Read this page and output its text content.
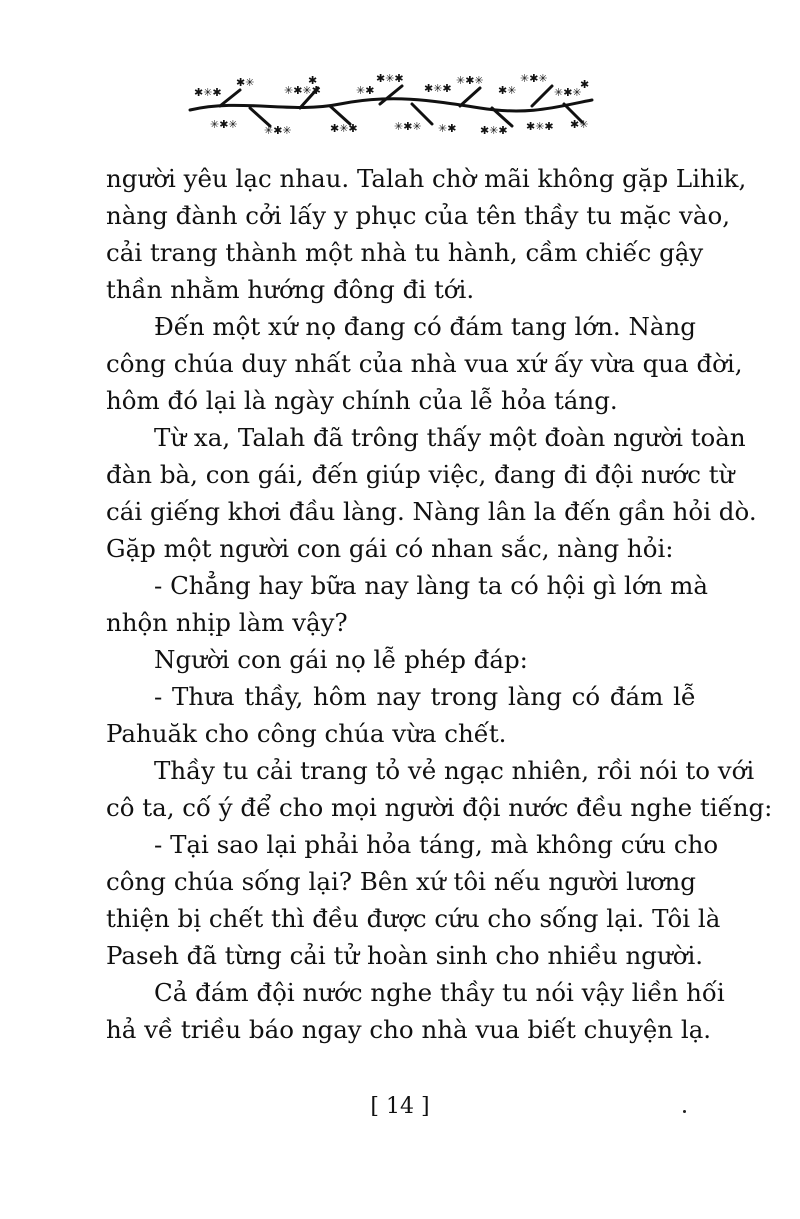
✱✳✱
✳✱✳
✱✳
✳✱✳
✳✱✳✱
✱
✱✳✱
✳✱
✱✳✱
✳✱✳
✱✳✱
✳✱
✳✱✳
✱✳✱
✱✳
✳✱✳
✱✳✱
✳✱✳
✱✳
✱
người yêu lạc nhau. Talah chờ mãi không gặp Lihik,
nàng đành cởi lấy y phục của tên thầy tu mặc vào,
cải trang thành một nhà tu hành, cầm chiếc gậy
thần nhằm hướng đông đi tới.
Đến một xứ nọ đang có đám tang lớn. Nàng
công chúa duy nhất của nhà vua xứ ấy vừa qua đời,
hôm đó lại là ngày chính của lễ hỏa táng.
Từ xa, Talah đã trông thấy một đoàn người toàn
đàn bà, con gái, đến giúp việc, đang đi đội nước từ
cái giếng khơi đầu làng. Nàng lân la đến gần hỏi dò.
Gặp một người con gái có nhan sắc, nàng hỏi:
- Chẳng hay bữa nay làng ta có hội gì lớn mà
nhộn nhịp làm vậy?
Người con gái nọ lễ phép đáp:
- Thưa thầy, hôm nay trong làng có đám lễ
Pahuăk cho công chúa vừa chết.
Thầy tu cải trang tỏ vẻ ngạc nhiên, rồi nói to với
cô ta, cố ý để cho mọi người đội nước đều nghe tiếng:
- Tại sao lại phải hỏa táng, mà không cứu cho
công chúa sống lại? Bên xứ tôi nếu người lương
thiện bị chết thì đều được cứu cho sống lại. Tôi là
Paseh đã từng cải tử hoàn sinh cho nhiều người.
Cả đám đội nước nghe thầy tu nói vậy liền hối
hả về triều báo ngay cho nhà vua biết chuyện lạ.
[ 14 ]
